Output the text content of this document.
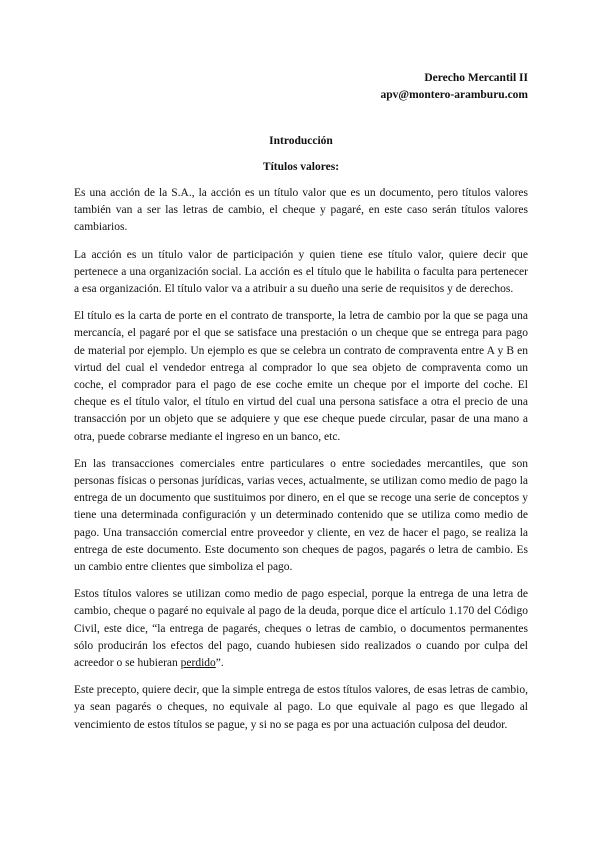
Derecho Mercantil II
apv@montero-aramburu.com
Introducción
Títulos valores:

Es una acción de la S.A., la acción es un título valor que es un documento, pero títulos valores también van a ser las letras de cambio, el cheque y pagaré, en este caso serán títulos valores cambiarios.

La acción es un título valor de participación y quien tiene ese título valor, quiere decir que pertenece a una organización social. La acción es el título que le habilita o faculta para pertenecer a esa organización. El título valor va a atribuir a su dueño una serie de requisitos y de derechos.

El título es la carta de porte en el contrato de transporte, la letra de cambio por la que se paga una mercancía, el pagaré por el que se satisface una prestación o un cheque que se entrega para pago de material por ejemplo. Un ejemplo es que se celebra un contrato de compraventa entre A y B en virtud del cual el vendedor entrega al comprador lo que sea objeto de compraventa como un coche, el comprador para el pago de ese coche emite un cheque por el importe del coche. El cheque es el título valor, el título en virtud del cual una persona satisface a otra el precio de una transacción por un objeto que se adquiere y que ese cheque puede circular, pasar de una mano a otra, puede cobrarse mediante el ingreso en un banco, etc.

En las transacciones comerciales entre particulares o entre sociedades mercantiles, que son personas físicas o personas jurídicas, varias veces, actualmente, se utilizan como medio de pago la entrega de un documento que sustituimos por dinero, en el que se recoge una serie de conceptos y tiene una determinada configuración y un determinado contenido que se utiliza como medio de pago. Una transacción comercial entre proveedor y cliente, en vez de hacer el pago, se realiza la entrega de este documento. Este documento son cheques de pagos, pagarés o letra de cambio. Es un cambio entre clientes que simboliza el pago.

Estos títulos valores se utilizan como medio de pago especial, porque la entrega de una letra de cambio, cheque o pagaré no equivale al pago de la deuda, porque dice el artículo 1.170 del Código Civil, este dice, “la entrega de pagarés, cheques o letras de cambio, o documentos permanentes sólo producirán los efectos del pago, cuando hubiesen sido realizados o cuando por culpa del acreedor o se hubieran perdido”.

Este precepto, quiere decir, que la simple entrega de estos títulos valores, de esas letras de cambio, ya sean pagarés o cheques, no equivale al pago. Lo que equivale al pago es que llegado al vencimiento de estos títulos se pague, y si no se paga es por una actuación culposa del deudor.
